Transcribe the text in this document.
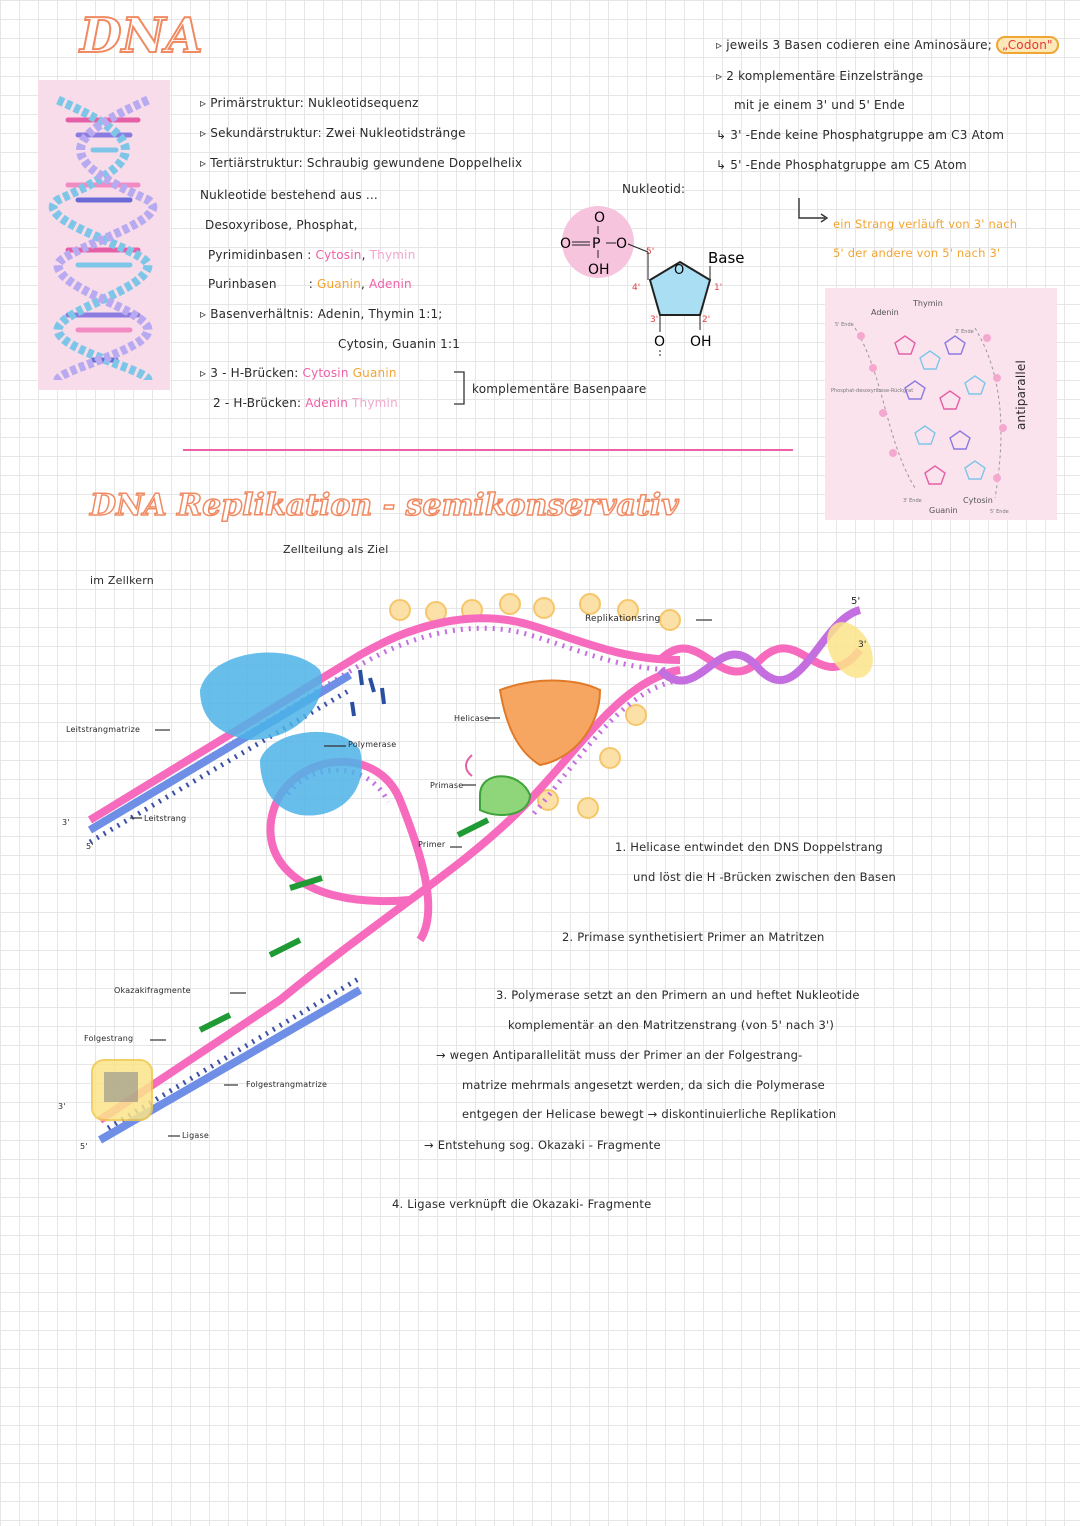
DNA
▹ Primärstruktur: Nukleotidsequenz
▹ Sekundärstruktur: Zwei Nukleotidstränge
▹ Tertiärstruktur: Schraubig gewundene Doppelhelix
Nukleotide bestehend aus ...
Desoxyribose, Phosphat,
Pyrimidinbasen : Cytosin, Thymin
Purinbasen	: Guanin, Adenin
▹ Basenverhältnis: Adenin, Thymin 1:1;
Cytosin, Guanin 1:1
▹ 3 - H-Brücken: Cytosin Guanin
2 - H-Brücken: Adenin Thymin
komplementäre Basenpaare
Nukleotid:
O
O P O
OH
5'
O
4'	1'
3'	2'
Base
O OH
▹ jeweils 3 Basen codieren eine Aminosäure; „Codon"
▹ 2 komplementäre Einzelstränge
mit je einem 3' und 5' Ende
↳ 3' -Ende keine Phosphatgruppe am C3 Atom
↳ 5' -Ende Phosphatgruppe am C5 Atom
ein Strang verläuft von 3' nach
5' der andere von 5' nach 3'
Adenin
Thymin
Guanin
Cytosin
5' Ende
3' Ende
3' Ende
5' Ende
Phosphat-desoxyribose-Rückgrat	antiparallel
DNA Replikation - semikonservativ
Zellteilung als Ziel
im Zellkern
Leitstrangmatrize
Leitstrang
Okazakifragmente
Folgestrang
Folgestrangmatrize
Ligase
Polymerase
Helicase
Primase
Primer
Replikationsring
5'
3'
3'
5'
3'
5'
1. Helicase entwindet den DNS Doppelstrang
und löst die H -Brücken zwischen den Basen
2. Primase synthetisiert Primer an Matritzen
3. Polymerase setzt an den Primern an und heftet Nukleotide
komplementär an den Matritzenstrang (von 5' nach 3')
→ wegen Antiparallelität muss der Primer an der Folgestrang-
matrize mehrmals angesetzt werden, da sich die Polymerase
entgegen der Helicase bewegt → diskontinuierliche Replikation
→ Entstehung sog. Okazaki - Fragmente
4. Ligase verknüpft die Okazaki- Fragmente
